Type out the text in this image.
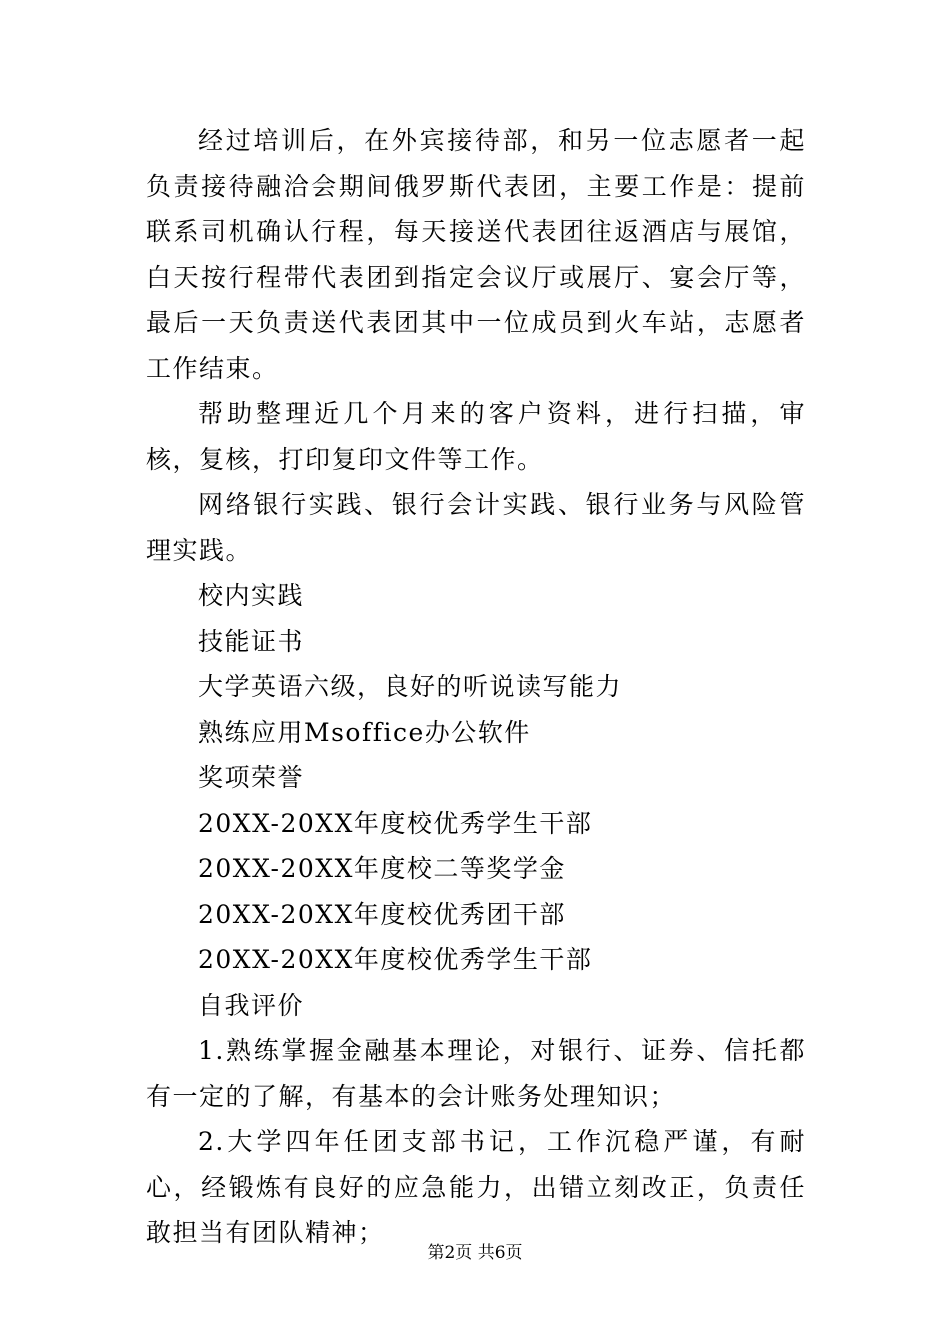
经过培训后，在外宾接待部，和另一位志愿者一起负责接待融洽会期间俄罗斯代表团，主要工作是：提前联系司机确认行程，每天接送代表团往返酒店与展馆，白天按行程带代表团到指定会议厅或展厅、宴会厅等，最后一天负责送代表团其中一位成员到火车站，志愿者工作结束。

帮助整理近几个月来的客户资料，进行扫描，审核，复核，打印复印文件等工作。

网络银行实践、银行会计实践、银行业务与风险管理实践。

校内实践

技能证书

大学英语六级，良好的听说读写能力

熟练应用Msoffice办公软件

奖项荣誉

20XX-20XX年度校优秀学生干部

20XX-20XX年度校二等奖学金

20XX-20XX年度校优秀团干部

20XX-20XX年度校优秀学生干部

自我评价

1.熟练掌握金融基本理论，对银行、证券、信托都有一定的了解，有基本的会计账务处理知识；

2.大学四年任团支部书记，工作沉稳严谨，有耐心，经锻炼有良好的应急能力，出错立刻改正，负责任敢担当有团队精神；

第2页 共6页
